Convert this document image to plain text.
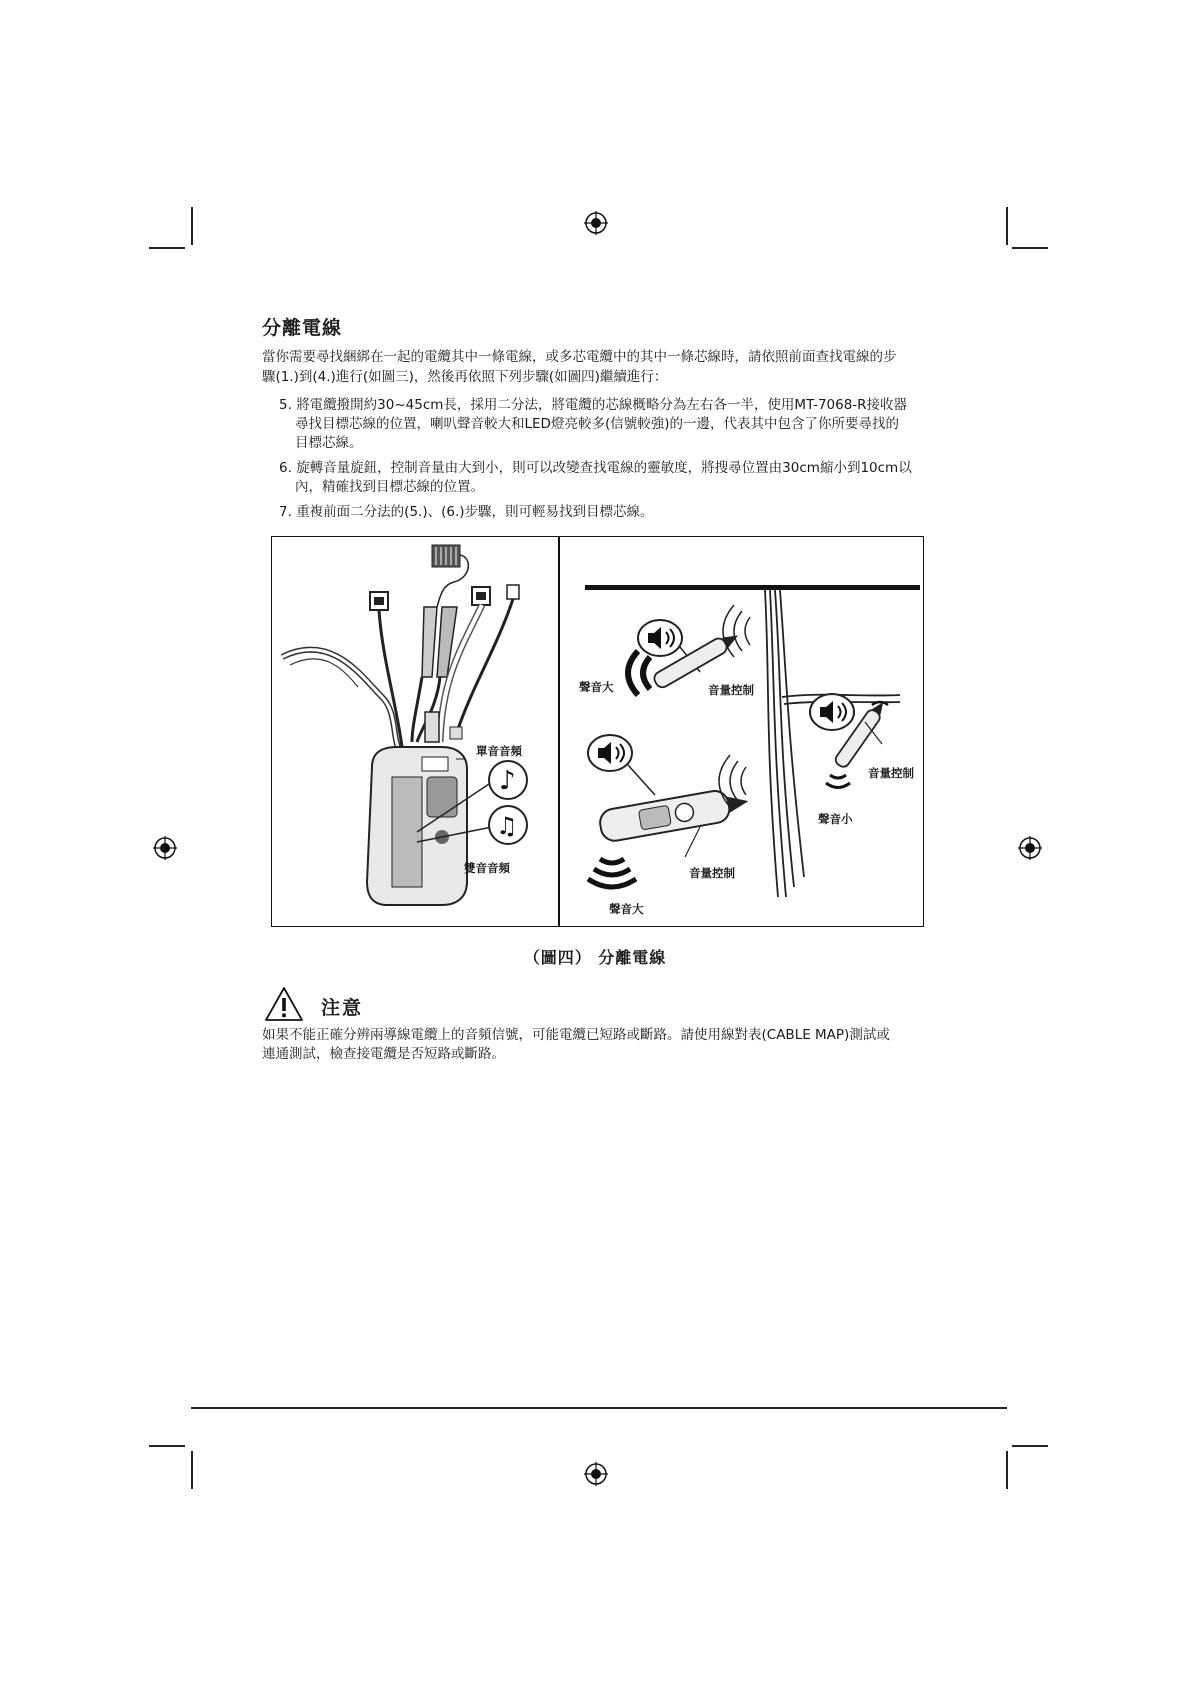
分離電線

當你需要尋找綑綁在一起的電纜其中一條電線，或多芯電纜中的其中一條芯線時，請依照前面查找電線的步

驟(1.)到(4.)進行(如圖三)，然後再依照下列步驟(如圖四)繼續進行：

5. 將電纜撥開約30~45cm長，採用二分法，將電纜的芯線概略分為左右各一半，使用MT-7068-R接收器
尋找目標芯線的位置，喇叭聲音較大和LED燈亮較多(信號較強)的一邊，代表其中包含了你所要尋找的
目標芯線。
6. 旋轉音量旋鈕，控制音量由大到小，則可以改變查找電線的靈敏度，將搜尋位置由30cm縮小到10cm以
內，精確找到目標芯線的位置。
7. 重複前面二分法的(5.)、(6.)步驟，則可輕易找到目標芯線。
♪
♫
單音音頻
雙音音頻
聲音大	音量控制
音量控制
聲音小
音量控制
聲音大
（圖四） 分離電線
注意

如果不能正確分辨兩導線電纜上的音頻信號，可能電纜已短路或斷路。請使用線對表(CABLE MAP)測試或

連通測試，檢查接電纜是否短路或斷路。
